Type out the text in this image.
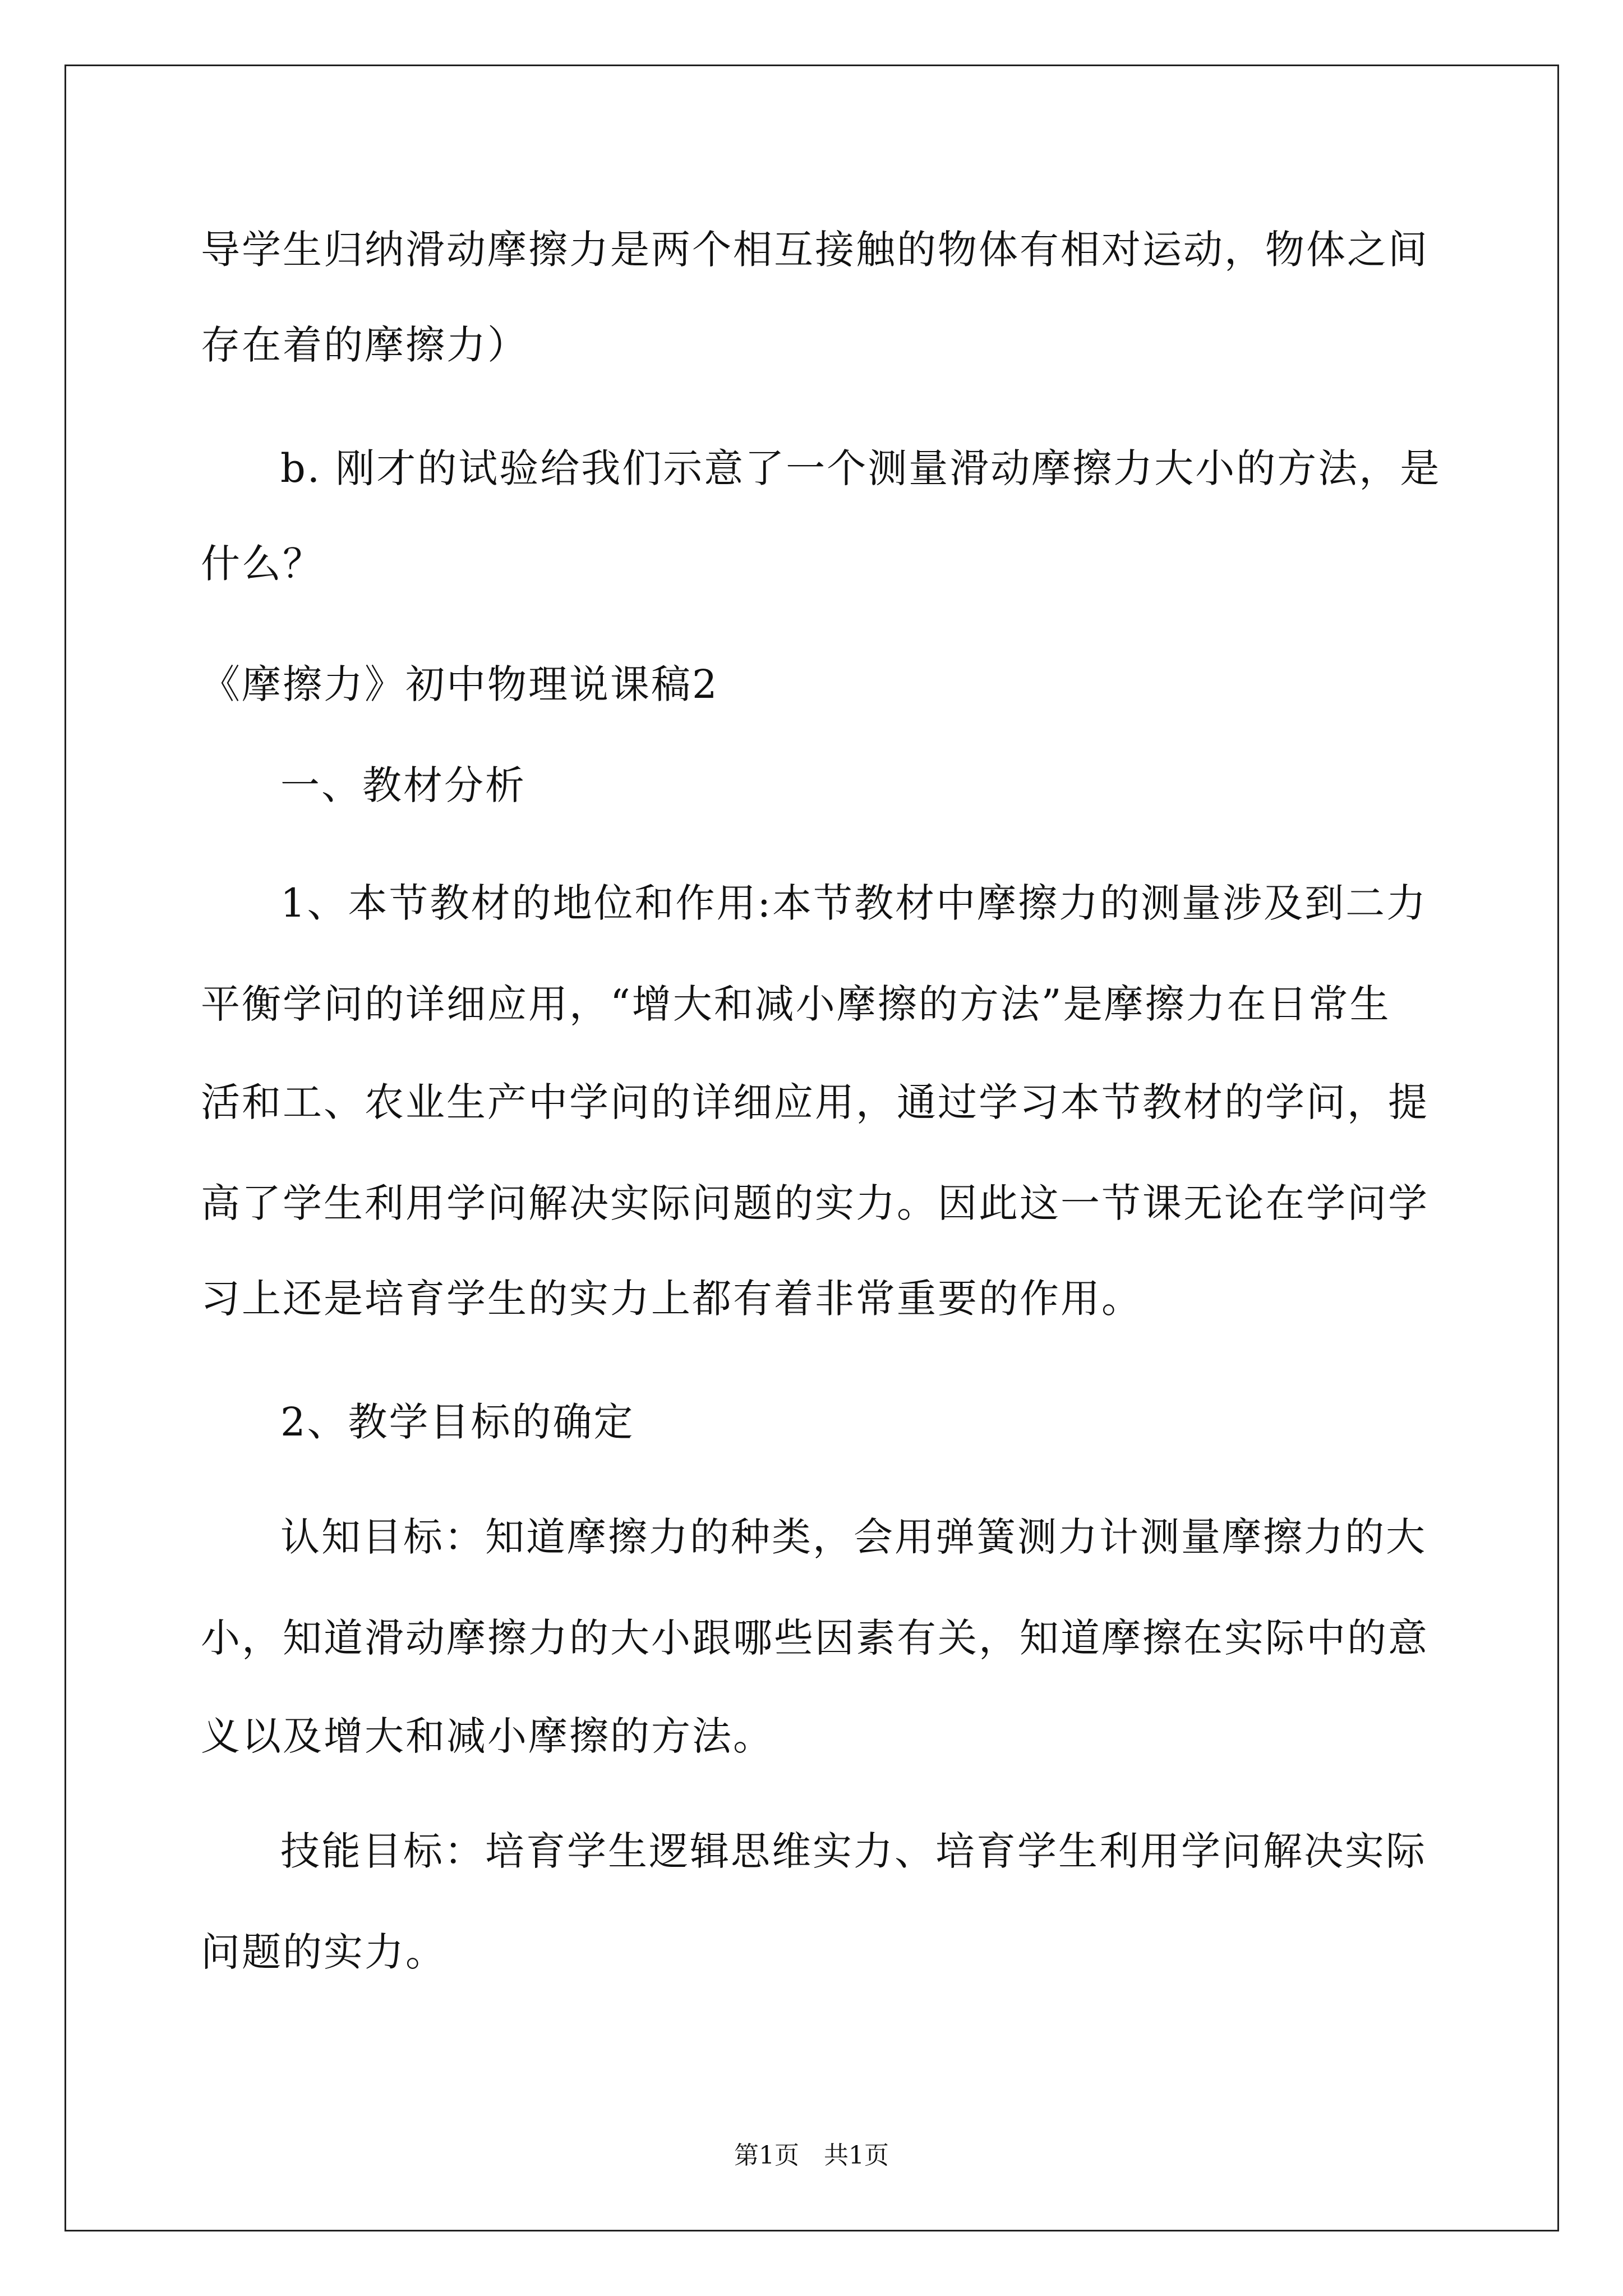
导学生归纳滑动摩擦力是两个相互接触的物体有相对运动，物体之间
存在着的摩擦力）
b. 刚才的试验给我们示意了一个测量滑动摩擦力大小的方法，是
什么？
《摩擦力》初中物理说课稿2
一、教材分析
1、本节教材的地位和作用:本节教材中摩擦力的测量涉及到二力
平衡学问的详细应用，“增大和减小摩擦的方法”是摩擦力在日常生
活和工、农业生产中学问的详细应用，通过学习本节教材的学问，提
高了学生利用学问解决实际问题的实力。因此这一节课无论在学问学
习上还是培育学生的实力上都有着非常重要的作用。
2、教学目标的确定
认知目标：知道摩擦力的种类，会用弹簧测力计测量摩擦力的大
小，知道滑动摩擦力的大小跟哪些因素有关，知道摩擦在实际中的意
义以及增大和减小摩擦的方法。
技能目标：培育学生逻辑思维实力、培育学生利用学问解决实际
问题的实力。
第1页　共1页
